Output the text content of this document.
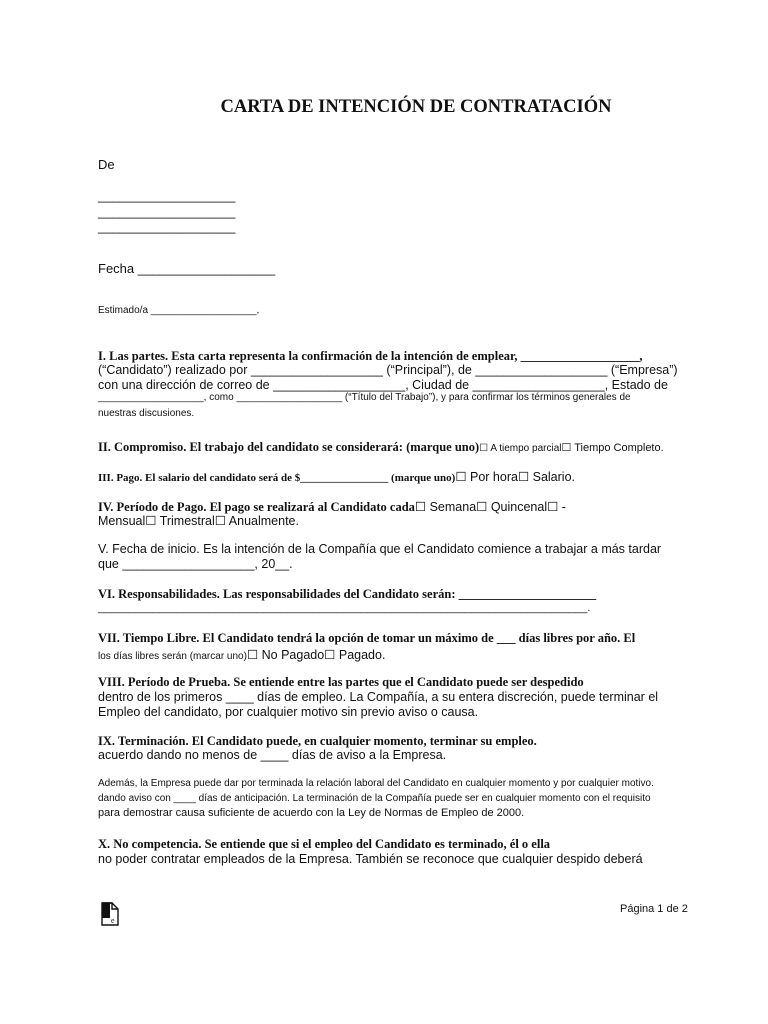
CARTA DE INTENCIÓN DE CONTRATACIÓN
De
___________________
___________________
___________________
Fecha ___________________
Estimado/a ___________________,
I. Las partes. Esta carta representa la confirmación de la intención de emplear, ___________________,
(“Candidato”) realizado por ___________________ (“Principal”), de ___________________ (“Empresa”)
con una dirección de correo de ___________________, Ciudad de ___________________, Estado de
___________________, como ___________________ (“Título del Trabajo”), y para confirmar los términos generales de
nuestras discusiones.
II. Compromiso. El trabajo del candidato se considerará: (marque uno)☐ A tiempo parcial☐ Tiempo Completo.
III. Pago. El salario del candidato será de $________________ (marque uno)☐ Por hora☐ Salario.
IV. Período de Pago. El pago se realizará al Candidato cada☐ Semana☐ Quincenal☐ -
Mensual☐ Trimestral☐ Anualmente.
V. Fecha de inicio. Es la intención de la Compañía que el Candidato comience a trabajar a más tardar
que ___________________, 20__.
VI. Responsabilidades. Las responsabilidades del Candidato serán: ______________________
________________________________________________________________________________.
VII. Tiempo Libre. El Candidato tendrá la opción de tomar un máximo de ___ días libres por año. El
los días libres serán (marcar uno)☐ No Pagado☐ Pagado.
VIII. Período de Prueba. Se entiende entre las partes que el Candidato puede ser despedido
dentro de los primeros ____ días de empleo. La Compañía, a su entera discreción, puede terminar el
Empleo del candidato, por cualquier motivo sin previo aviso o causa.
IX. Terminación. El Candidato puede, en cualquier momento, terminar su empleo.
acuerdo dando no menos de ____ días de aviso a la Empresa.
Además, la Empresa puede dar por terminada la relación laboral del Candidato en cualquier momento y por cualquier motivo.
dando aviso con ____ días de anticipación. La terminación de la Compañía puede ser en cualquier momento con el requisito
para demostrar causa suficiente de acuerdo con la Ley de Normas de Empleo de 2000.
X. No competencia. Se entiende que si el empleo del Candidato es terminado, él o ella
no poder contratar empleados de la Empresa. También se reconoce que cualquier despido deberá
e
Página 1 de 2
